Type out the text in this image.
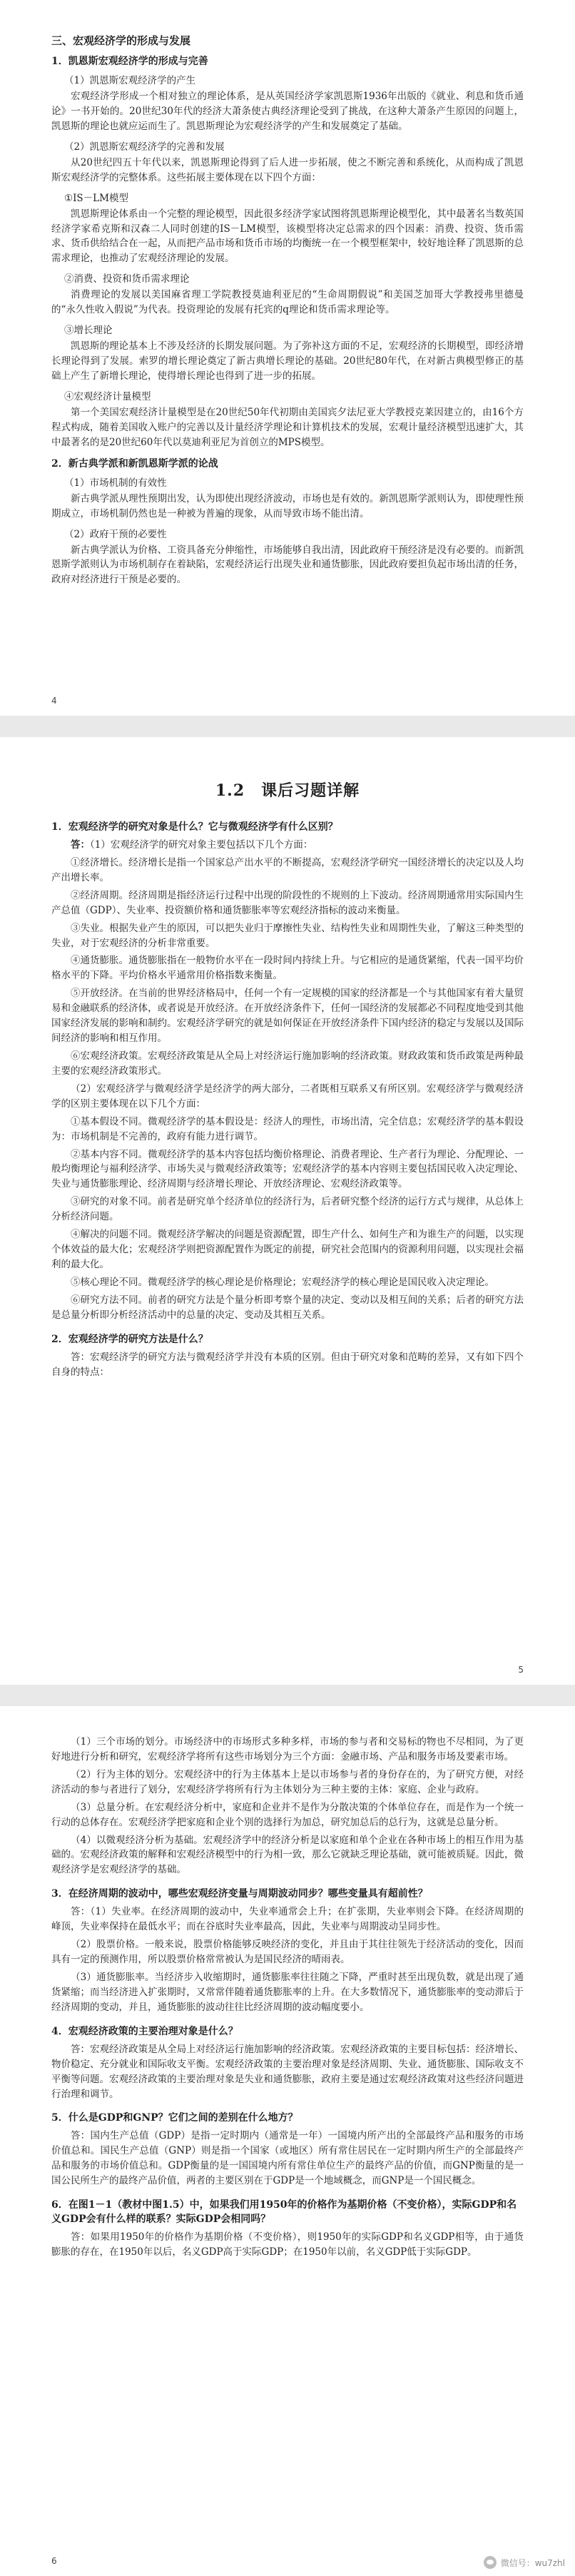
三、宏观经济学的形成与发展
1．凯恩斯宏观经济学的形成与完善
（1）凯恩斯宏观经济学的产生

宏观经济学形成一个相对独立的理论体系，是从英国经济学家凯恩斯1936年出版的《就业、利息和货币通论》一书开始的。20世纪30年代的经济大萧条使古典经济理论受到了挑战，在这种大萧条产生原因的问题上，凯恩斯的理论也就应运而生了。凯恩斯理论为宏观经济学的产生和发展奠定了基础。

（2）凯恩斯宏观经济学的完善和发展

从20世纪四五十年代以来，凯恩斯理论得到了后人进一步拓展，使之不断完善和系统化，从而构成了凯恩斯宏观经济学的完整体系。这些拓展主要体现在以下四个方面：

①IS－LM模型

凯恩斯理论体系由一个完整的理论模型，因此很多经济学家试图将凯恩斯理论模型化，其中最著名当数英国经济学家希克斯和汉森二人同时创建的IS－LM模型，该模型将决定总需求的四个因素：消费、投资、货币需求、货币供给结合在一起，从而把产品市场和货币市场的均衡统一在一个模型框架中，较好地诠释了凯恩斯的总需求理论，也推动了宏观经济理论的发展。

②消费、投资和货币需求理论

消费理论的发展以美国麻省理工学院教授莫迪利亚尼的“生命周期假说”和美国芝加哥大学教授弗里德曼的“永久性收入假说”为代表。投资理论的发展有托宾的q理论和货币需求理论等。

③增长理论

凯恩斯的理论基本上不涉及经济的长期发展问题。为了弥补这方面的不足，宏观经济的长期模型，即经济增长理论得到了发展。索罗的增长理论奠定了新古典增长理论的基础。20世纪80年代，在对新古典模型修正的基础上产生了新增长理论，使得增长理论也得到了进一步的拓展。

④宏观经济计量模型

第一个美国宏观经济计量模型是在20世纪50年代初期由美国宾夕法尼亚大学教授克莱因建立的，由16个方程式构成，随着美国收入账户的完善以及计量经济学理论和计算机技术的发展，宏观计量经济模型迅速扩大，其中最著名的是20世纪60年代以莫迪利亚尼为首创立的MPS模型。

2．新古典学派和新凯恩斯学派的论战
（1）市场机制的有效性

新古典学派从理性预期出发，认为即使出现经济波动，市场也是有效的。新凯恩斯学派则认为，即使理性预期成立，市场机制仍然也是一种被为普遍的现象，从而导致市场不能出清。

（2）政府干预的必要性

新古典学派认为价格、工资具备充分伸缩性，市场能够自我出清，因此政府干预经济是没有必要的。而新凯恩斯学派则认为市场机制存在着缺陷，宏观经济运行出现失业和通货膨胀，因此政府要担负起市场出清的任务，政府对经济进行干预是必要的。

4
1.2　课后习题详解
1．宏观经济学的研究对象是什么？它与微观经济学有什么区别？

答：（1）宏观经济学的研究对象主要包括以下几个方面：

①经济增长。经济增长是指一个国家总产出水平的不断提高，宏观经济学研究一国经济增长的决定以及人均产出增长率。

②经济周期。经济周期是指经济运行过程中出现的阶段性的不规则的上下波动。经济周期通常用实际国内生产总值（GDP）、失业率、投资额价格和通货膨胀率等宏观经济指标的波动来衡量。

③失业。根据失业产生的原因，可以把失业归于摩擦性失业、结构性失业和周期性失业，了解这三种类型的失业，对于宏观经济的分析非常重要。

④通货膨胀。通货膨胀指在一般物价水平在一段时间内持续上升。与它相应的是通货紧缩，代表一国平均价格水平的下降。平均价格水平通常用价格指数来衡量。

⑤开放经济。在当前的世界经济格局中，任何一个有一定规模的国家的经济都是一个与其他国家有着大量贸易和金融联系的经济体，或者说是开放经济。在开放经济条件下，任何一国经济的发展都必不同程度地受到其他国家经济发展的影响和制约。宏观经济学研究的就是如何保证在开放经济条件下国内经济的稳定与发展以及国际间经济的影响和相互作用。

⑥宏观经济政策。宏观经济政策是从全局上对经济运行施加影响的经济政策。财政政策和货币政策是两种最主要的宏观经济政策形式。

（2）宏观经济学与微观经济学是经济学的两大部分，二者既相互联系又有所区别。宏观经济学与微观经济学的区别主要体现在以下几个方面：

①基本假设不同。微观经济学的基本假设是：经济人的理性，市场出清，完全信息；宏观经济学的基本假设为：市场机制是不完善的，政府有能力进行调节。

②基本内容不同。微观经济学的基本内容包括均衡价格理论、消费者理论、生产者行为理论、分配理论、一般均衡理论与福利经济学、市场失灵与微观经济政策等；宏观经济学的基本内容则主要包括国民收入决定理论、失业与通货膨胀理论、经济周期与经济增长理论、开放经济理论、宏观经济政策等。

③研究的对象不同。前者是研究单个经济单位的经济行为，后者研究整个经济的运行方式与规律，从总体上分析经济问题。

④解决的问题不同。微观经济学解决的问题是资源配置，即生产什么、如何生产和为谁生产的问题，以实现个体效益的最大化；宏观经济学则把资源配置作为既定的前提，研究社会范围内的资源利用问题，以实现社会福利的最大化。

⑤核心理论不同。微观经济学的核心理论是价格理论；宏观经济学的核心理论是国民收入决定理论。

⑥研究方法不同。前者的研究方法是个量分析即考察个量的决定、变动以及相互间的关系；后者的研究方法是总量分析即分析经济活动中的总量的决定、变动及其相互关系。

2．宏观经济学的研究方法是什么？

答：宏观经济学的研究方法与微观经济学并没有本质的区别。但由于研究对象和范畴的差异，又有如下四个自身的特点：

5

（1）三个市场的划分。市场经济中的市场形式多种多样，市场的参与者和交易标的物也不尽相同，为了更好地进行分析和研究，宏观经济学将所有这些市场划分为三个方面：金融市场、产品和服务市场及要素市场。

（2）行为主体的划分。宏观经济中的行为主体基本上是以市场参与者的身份存在的，为了研究方便，对经济活动的参与者进行了划分，宏观经济学将所有行为主体划分为三种主要的主体：家庭、企业与政府。

（3）总量分析。在宏观经济分析中，家庭和企业并不是作为分散决策的个体单位存在，而是作为一个统一行动的总体存在。宏观经济学把家庭和企业个别的选择行为加总，研究加总后的总行为，这就是总量分析。

（4）以微观经济分析为基础。宏观经济学中的经济分析是以家庭和单个企业在各种市场上的相互作用为基础的。宏观经济政策的解释和宏观经济模型中的行为相一致，那么它就缺乏理论基础，就可能被质疑。因此，微观经济学是宏观经济学的基础。

3．在经济周期的波动中，哪些宏观经济变量与周期波动同步？哪些变量具有超前性？

答：（1）失业率。在经济周期的波动中，失业率通常会上升；在扩张期，失业率则会下降。在经济周期的峰顶，失业率保持在最低水平；而在谷底时失业率最高，因此，失业率与周期波动呈同步性。

（2）股票价格。一般来说，股票价格能够反映经济的变化，并且由于其往往领先于经济活动的变化，因而具有一定的预测作用，所以股票价格常常被认为是国民经济的晴雨表。

（3）通货膨胀率。当经济步入收缩期时，通货膨胀率往往随之下降，严重时甚至出现负数，就是出现了通货紧缩；而当经济进入扩张期时，又常常伴随着通货膨胀率的上升。在大多数情况下，通货膨胀率的变动滞后于经济周期的变动，并且，通货膨胀的波动往往比经济周期的波动幅度要小。

4．宏观经济政策的主要治理对象是什么？

答：宏观经济政策是从全局上对经济运行施加影响的经济政策。宏观经济政策的主要目标包括：经济增长、物价稳定、充分就业和国际收支平衡。宏观经济政策的主要治理对象是经济周期、失业、通货膨胀、国际收支不平衡等问题。宏观经济政策的主要治理对象是失业和通货膨胀，政府主要是通过宏观经济政策对这些经济问题进行治理和调节。

5．什么是GDP和GNP？它们之间的差别在什么地方？

答：国内生产总值（GDP）是指一定时期内（通常是一年）一国境内所产出的全部最终产品和服务的市场价值总和。国民生产总值（GNP）则是指一个国家（或地区）所有常住居民在一定时期内所生产的全部最终产品和服务的市场价值总和。GDP衡量的是一国国境内所有常住单位生产的最终产品的价值，而GNP衡量的是一国公民所生产的最终产品价值，两者的主要区别在于GDP是一个地域概念，而GNP是一个国民概念。

6．在图1－1（教材中图1.5）中，如果我们用1950年的价格作为基期价格（不变价格），实际GDP和名义GDP会有什么样的联系？实际GDP会相同吗？

答：如果用1950年的价格作为基期价格（不变价格），则1950年的实际GDP和名义GDP相等，由于通货膨胀的存在，在1950年以后，名义GDP高于实际GDP；在1950年以前，名义GDP低于实际GDP。

6	微信号：wu7zhl
